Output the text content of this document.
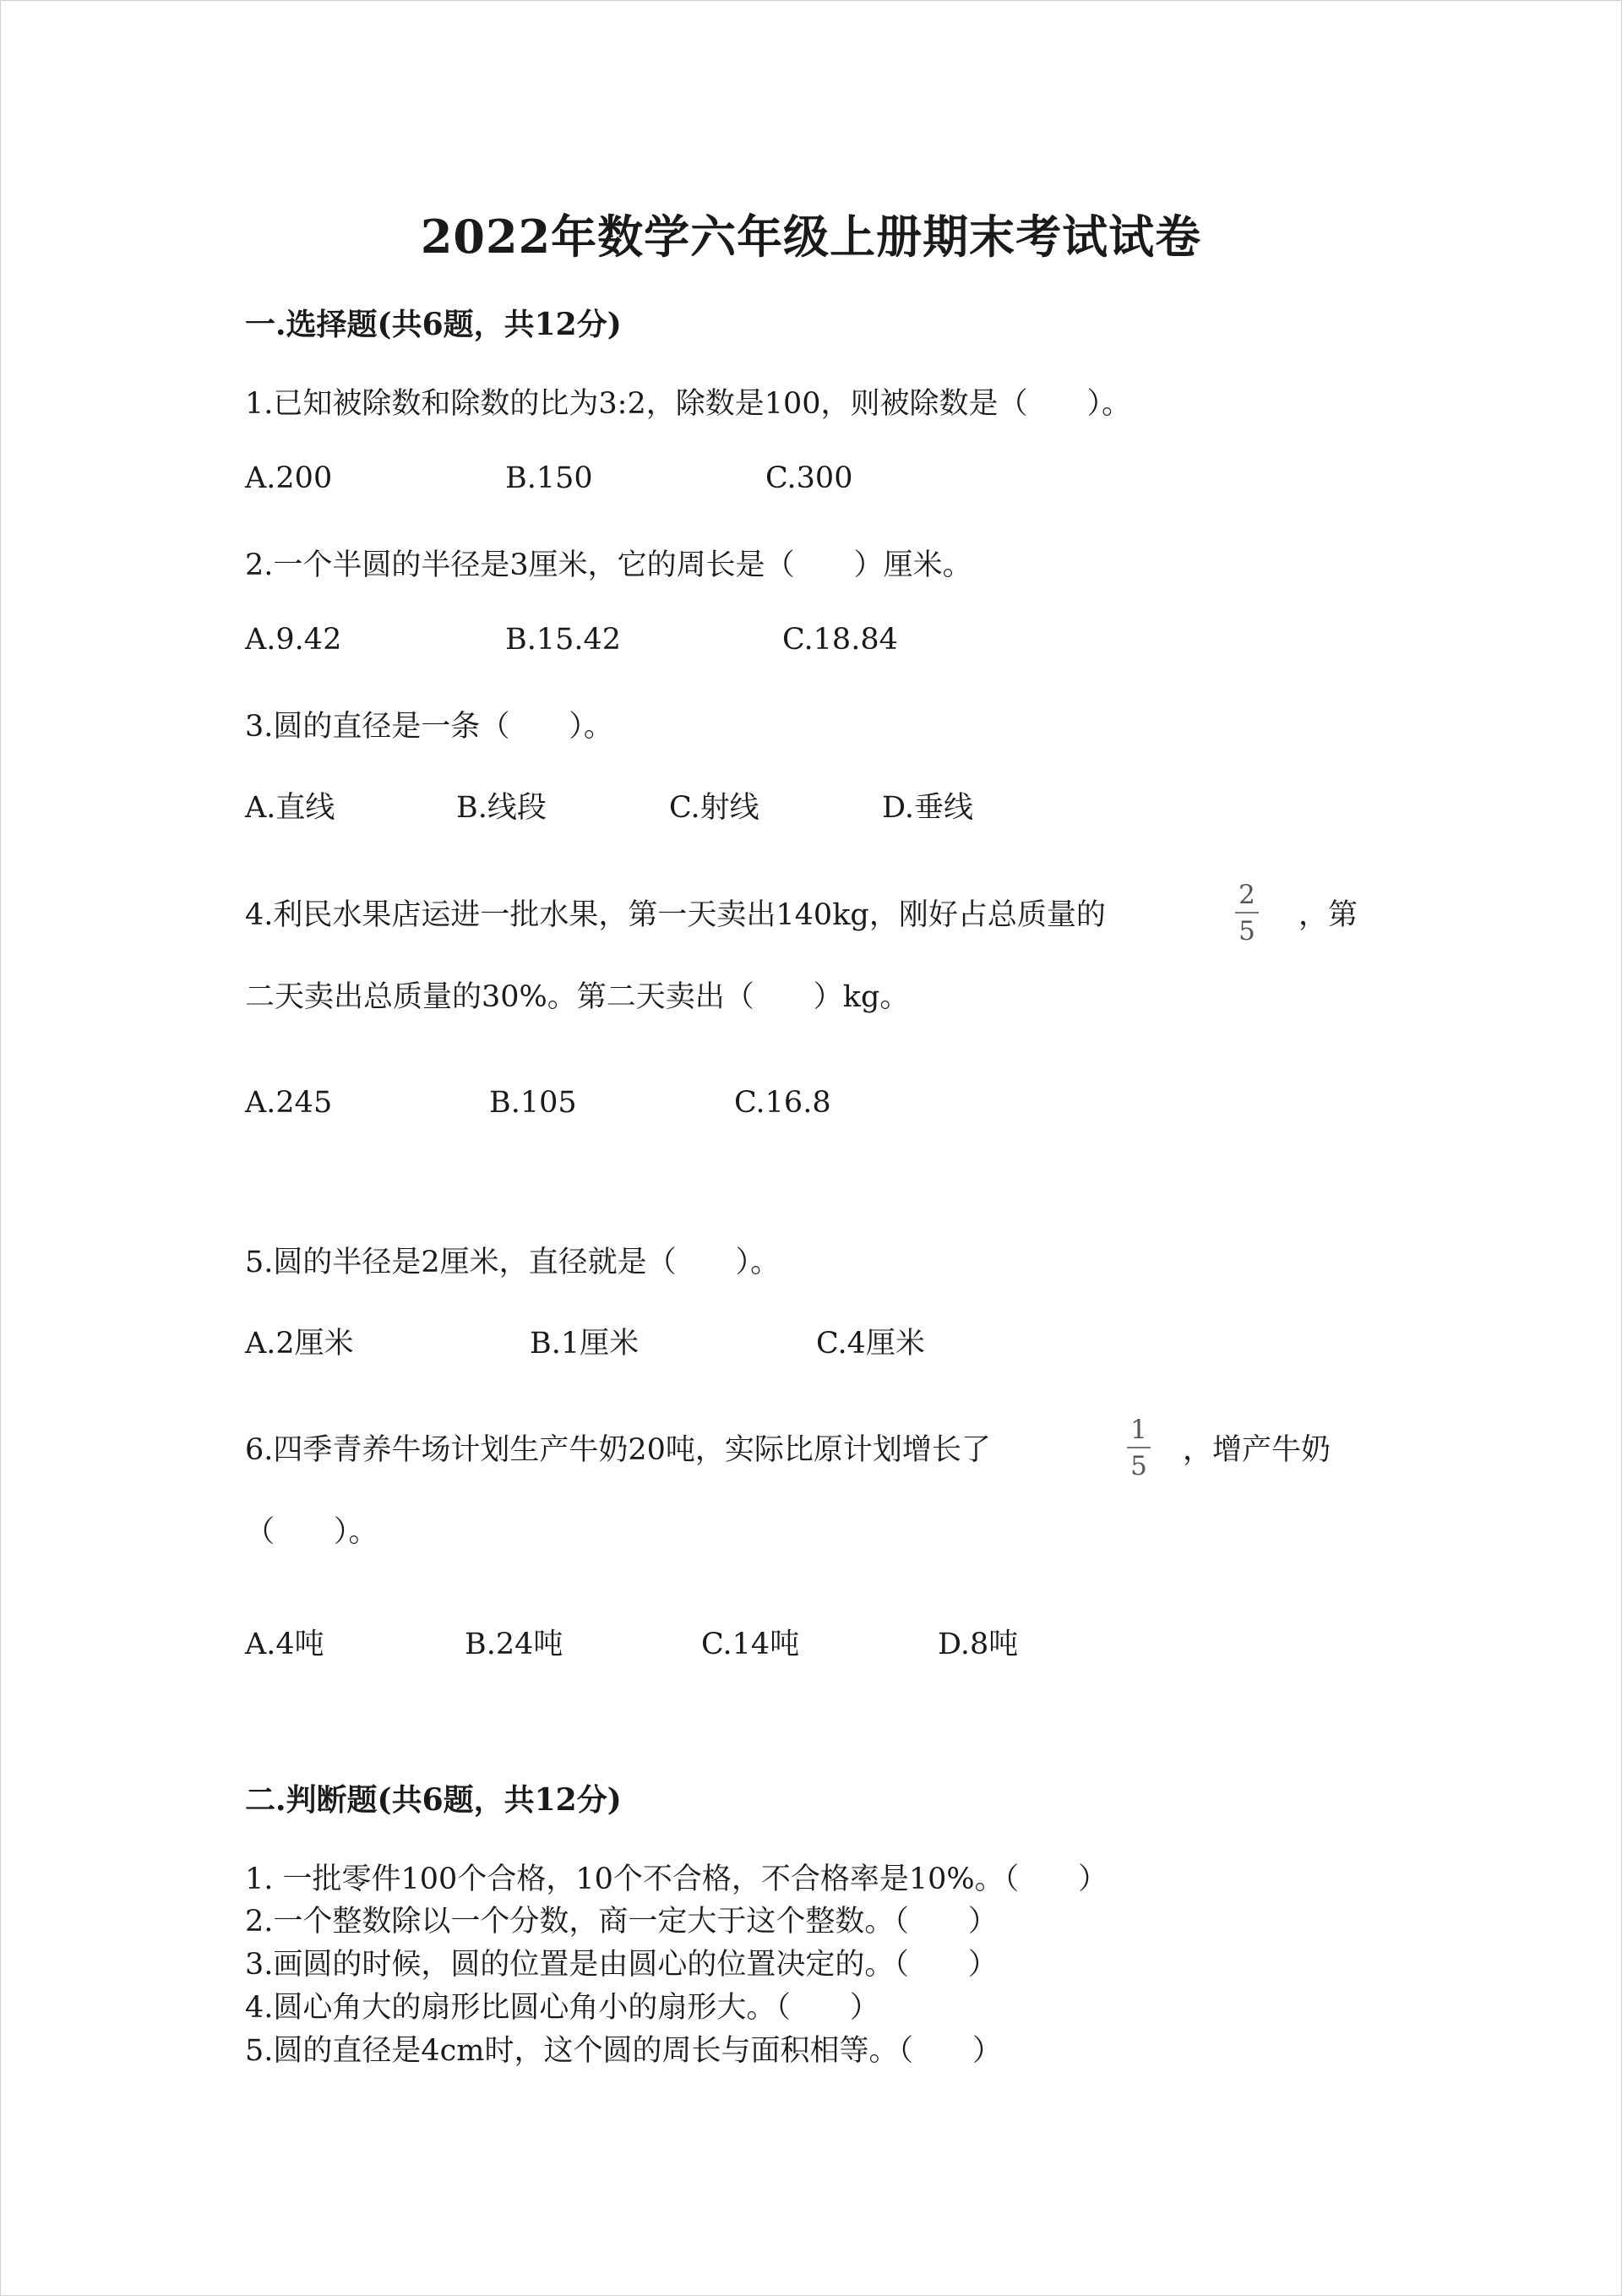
2022年数学六年级上册期末考试试卷
一.选择题(共6题，共12分)
1.已知被除数和除数的比为3:2，除数是100，则被除数是（　　）。
A.200	B.150	C.300
2.一个半圆的半径是3厘米，它的周长是（　　）厘米。
A.9.42	B.15.42	C.18.84
3.圆的直径是一条（　　）。
A.直线	B.线段	C.射线	D.垂线
4.利民水果店运进一批水果，第一天卖出140kg，刚好占总质量的
2
5 ，第
二天卖出总质量的30%。第二天卖出（　　）kg。
A.245	B.105	C.16.8
5.圆的半径是2厘米，直径就是（　　）。
A.2厘米	B.1厘米	C.4厘米
6.四季青养牛场计划生产牛奶20吨，实际比原计划增长了
1
5 ，增产牛奶
（　　）。
A.4吨	B.24吨	C.14吨	D.8吨
二.判断题(共6题，共12分)
1. 一批零件100个合格，10个不合格，不合格率是10%。（　　）
2.一个整数除以一个分数，商一定大于这个整数。（　　）
3.画圆的时候，圆的位置是由圆心的位置决定的。（　　）
4.圆心角大的扇形比圆心角小的扇形大。（　　）
5.圆的直径是4cm时，这个圆的周长与面积相等。（　　）
